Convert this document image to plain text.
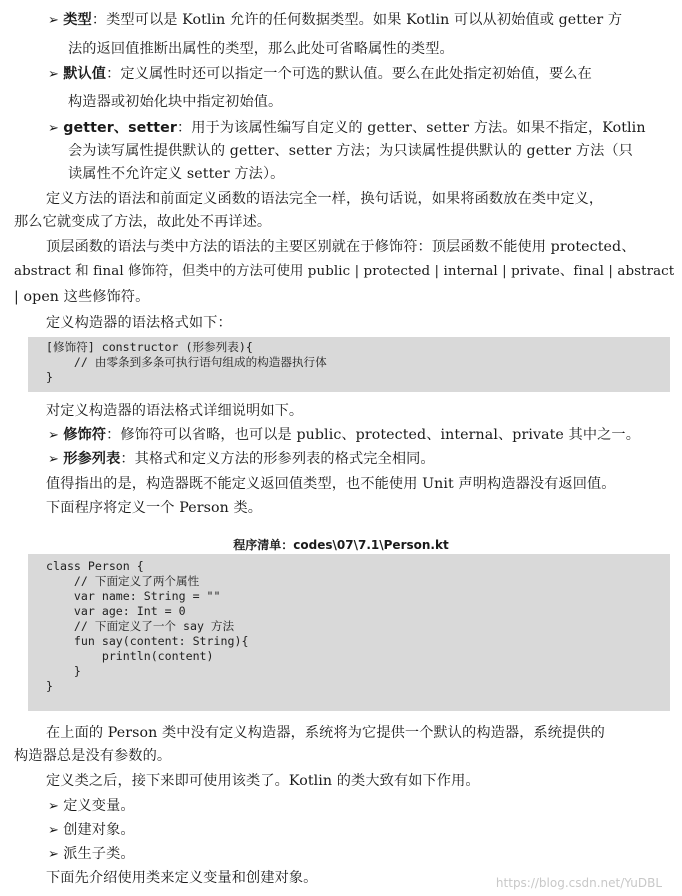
➢ 类型：类型可以是 Kotlin 允许的任何数据类型。如果 Kotlin 可以从初始值或 getter 方
法的返回值推断出属性的类型，那么此处可省略属性的类型。
➢ 默认值：定义属性时还可以指定一个可选的默认值。要么在此处指定初始值，要么在
构造器或初始化块中指定初始值。
➢ getter、setter：用于为该属性编写自定义的 getter、setter 方法。如果不指定，Kotlin
会为读写属性提供默认的 getter、setter 方法；为只读属性提供默认的 getter 方法（只
读属性不允许定义 setter 方法）。
定义方法的语法和前面定义函数的语法完全一样，换句话说，如果将函数放在类中定义，
那么它就变成了方法，故此处不再详述。
顶层函数的语法与类中方法的语法的主要区别就在于修饰符：顶层函数不能使用 protected、
abstract 和 final 修饰符，但类中的方法可使用 public | protected | internal | private、final | abstract
| open 这些修饰符。
定义构造器的语法格式如下：
[修饰符] constructor (形参列表){
// 由零条到多条可执行语句组成的构造器执行体
}
对定义构造器的语法格式详细说明如下。
➢ 修饰符：修饰符可以省略，也可以是 public、protected、internal、private 其中之一。
➢ 形参列表：其格式和定义方法的形参列表的格式完全相同。
值得指出的是，构造器既不能定义返回值类型，也不能使用 Unit 声明构造器没有返回值。
下面程序将定义一个 Person 类。
程序清单：codes\07\7.1\Person.kt
class Person {
// 下面定义了两个属性
var name: String = ""
var age: Int = 0
// 下面定义了一个 say 方法
fun say(content: String){
println(content)
}
}
在上面的 Person 类中没有定义构造器，系统将为它提供一个默认的构造器，系统提供的
构造器总是没有参数的。
定义类之后，接下来即可使用该类了。Kotlin 的类大致有如下作用。
➢ 定义变量。
➢ 创建对象。
➢ 派生子类。
下面先介绍使用类来定义变量和创建对象。	https://blog.csdn.net/YuDBL
